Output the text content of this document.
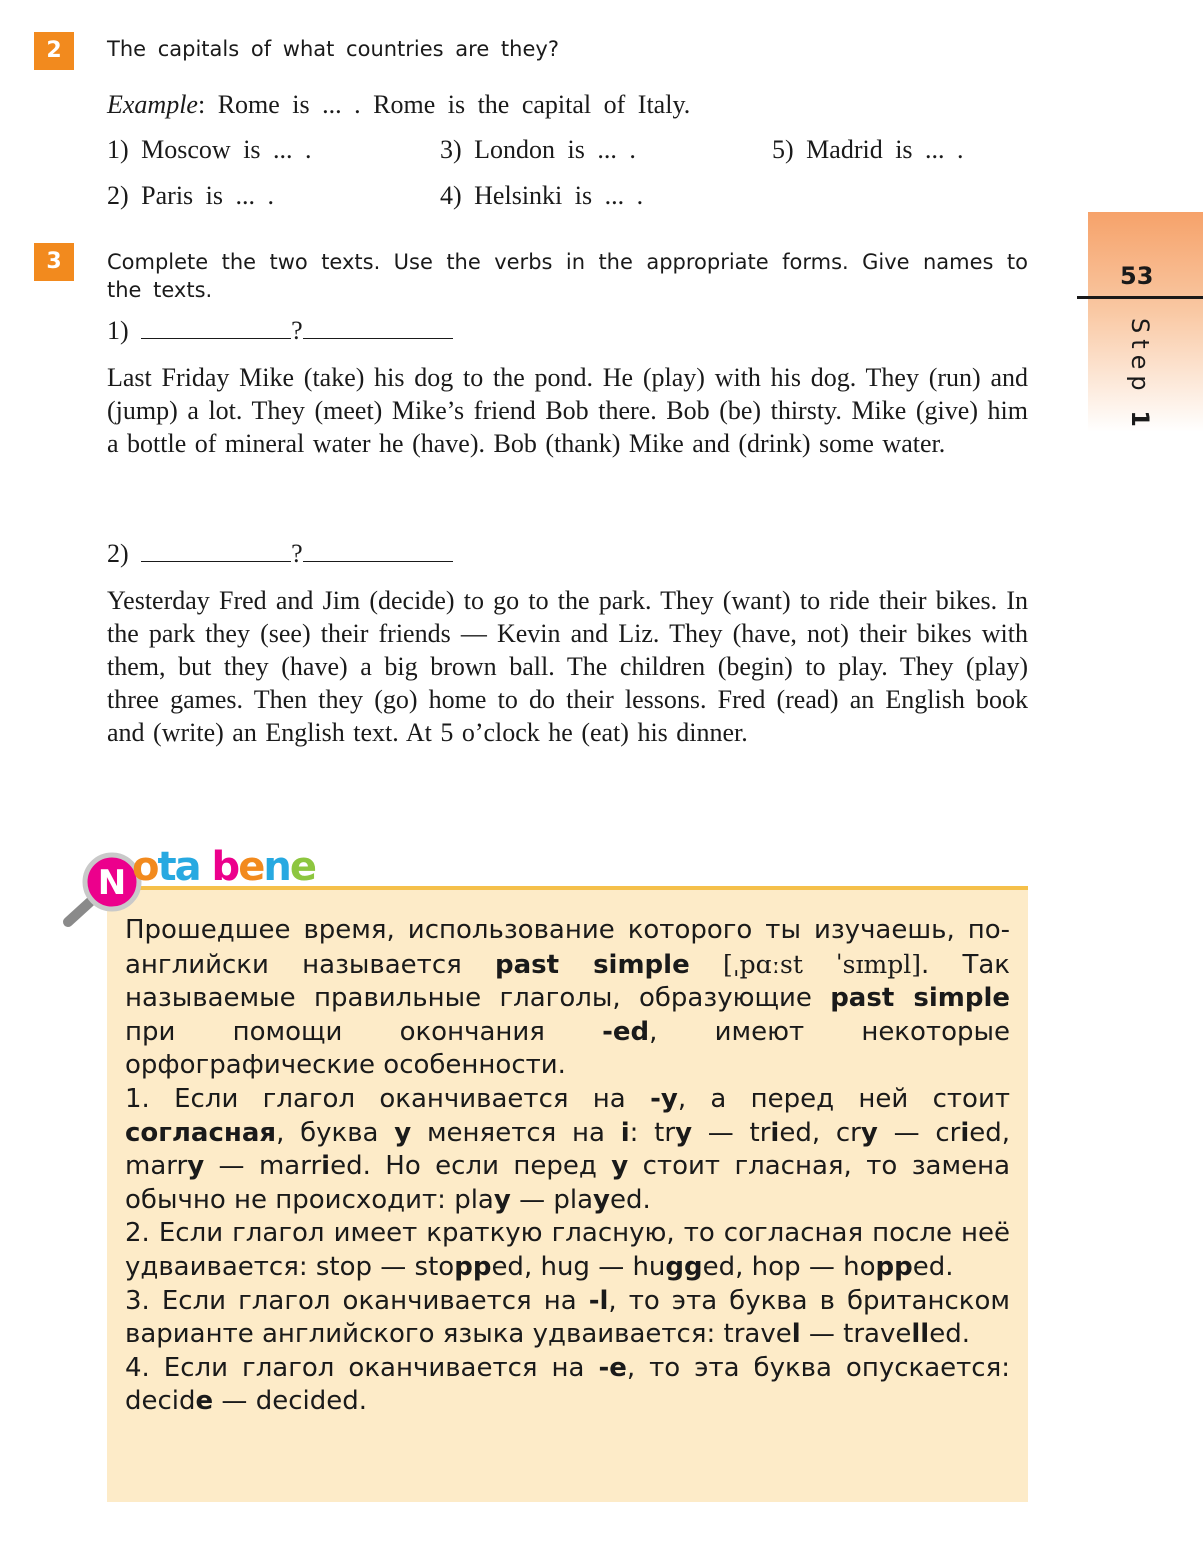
2	The capitals of what countries are they?
Example: Rome is ... . Rome is the capital of Italy.
1) Moscow is ... .	3) London is ... .	5) Madrid is ... .
2) Paris is ... .	4) Helsinki is ... .
3	Complete the two texts. Use the verbs in the appropriate forms. Give names to the texts.
1)	?
Last Friday Mike (take) his dog to the pond. He (play) with his dog. They (run) and (jump) a lot. They (meet) Mike’s friend Bob there. Bob (be) thirsty. Mike (give) him a bottle of mineral water he (have). Bob (thank) Mike and (drink) some water.
2)	?
Yesterday Fred and Jim (decide) to go to the park. They (want) to ride their bikes. In the park they (see) their friends — Kevin and Liz. They (have, not) their bikes with them, but they (have) a big brown ball. The children (begin) to play. They (play) three games. Then they (go) home to do their lessons. Fred (read) an English book and (write) an English text. At 5 o’clock he (eat) his dinner.
53
Step 1
N ota bene

Прошедшее время, использование которого ты изучаешь, по-английски называется past simple [ˌpɑːst ˈsɪmpl]. Так называемые правильные глаголы, образующие past simple при помощи окончания -ed, имеют некоторые орфографические особенности.

1. Если глагол оканчивается на -y, а перед ней стоит согласная, буква y меняется на i: try — tried, cry — cried, marry — married. Но если перед y стоит гласная, то замена обычно не происходит: play — played.

2. Если глагол имеет краткую гласную, то согласная после неё удваивается: stop — stopped, hug — hugged, hop — hopped.

3. Если глагол оканчивается на -l, то эта буква в британском варианте английского языка удваивается: travel — travelled.

4. Если глагол оканчивается на -e, то эта буква опускается: decide — decided.
